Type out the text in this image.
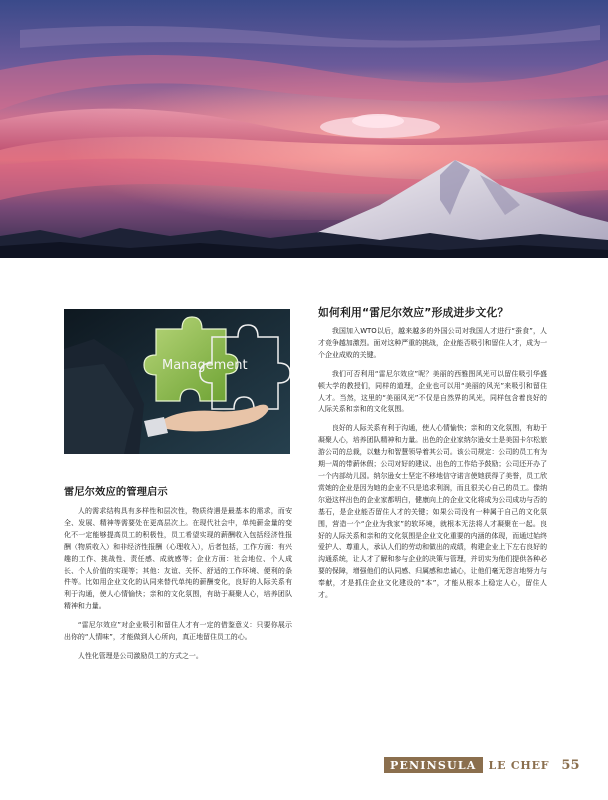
Management
雷尼尔效应的管理启示

人的需求结构具有多样性和层次性，物质待遇是最基本的需求，而安全、发展、精神等需要处在更高层次上。在现代社会中，单纯薪金量的变化不一定能够提高员工的积极性，员工希望实现的薪酬收入包括经济性报酬（物质收入）和非经济性报酬（心理收入），后者包括，工作方面：有兴趣的工作、挑战性、责任感、成就感等；企业方面：社会地位、个人成长、个人价值的实现等；其他：友谊、关怀、舒适的工作环境、便利的条件等。比如用企业文化的认同来替代单纯的薪酬变化，良好的人际关系有利于沟通，使人心情愉快；亲和的文化氛围，有助于凝聚人心，培养团队精神和力量。

“雷尼尔效应”对企业吸引和留住人才有一定的借鉴意义：只要你展示出你的“人情味”，才能做到人心所向，真正地留住员工的心。

人性化管理是公司激励员工的方式之一。

如何利用“雷尼尔效应”形成进步文化？

我国加入WTO以后，越来越多的外国公司对我国人才进行“蚕食”，人才竞争越加激烈。面对这种严重的挑战，企业能否吸引和留住人才，成为一个企业成败的关键。

我们可否利用“雷尼尔效应”呢？美丽的西雅图风光可以留住吸引华盛顿大学的教授们，同样的道理，企业也可以用“美丽的风光”来吸引和留住人才。当然，这里的“美丽风光”不仅是自然界的风光，同样包含着良好的人际关系和亲和的文化氛围。

良好的人际关系有利于沟通，使人心情愉快；亲和的文化氛围，有助于凝聚人心，培养团队精神和力量。出色的企业家纳尔逊女士是美国卡尔松旅游公司的总裁，以魅力和智慧领导着其公司。该公司规定：公司的员工有为期一周的带薪休假；公司对好的建议、出色的工作给予鼓励；公司还开办了一个内部幼儿园。纳尔逊女士坚定不移地信守诺言使她获得了美誉，员工欣赏她的企业是因为她的企业不只是追求利润，而且很关心自己的员工。像纳尔逊这样出色的企业家都明白，健康向上的企业文化将成为公司成功与否的基石，是企业能否留住人才的关键；如果公司没有一种属于自己的文化氛围，营造一个“企业为我家”的软环境，就根本无法将人才凝聚在一起。良好的人际关系和亲和的文化氛围是企业文化重要的内涵的体现，而通过始终爱护人、尊重人，承认人们的劳动和做出的成绩，构建企业上下左右良好的沟通系统，让人才了解和参与企业的决策与管理，并切实为他们提供各种必要的保障，增强他们的认同感、归属感和忠诚心，让他们毫无怨言地努力与奉献，才是抓住企业文化建设的“本”，才能从根本上稳定人心，留住人才。

PENINSULA LE CHEF 55
